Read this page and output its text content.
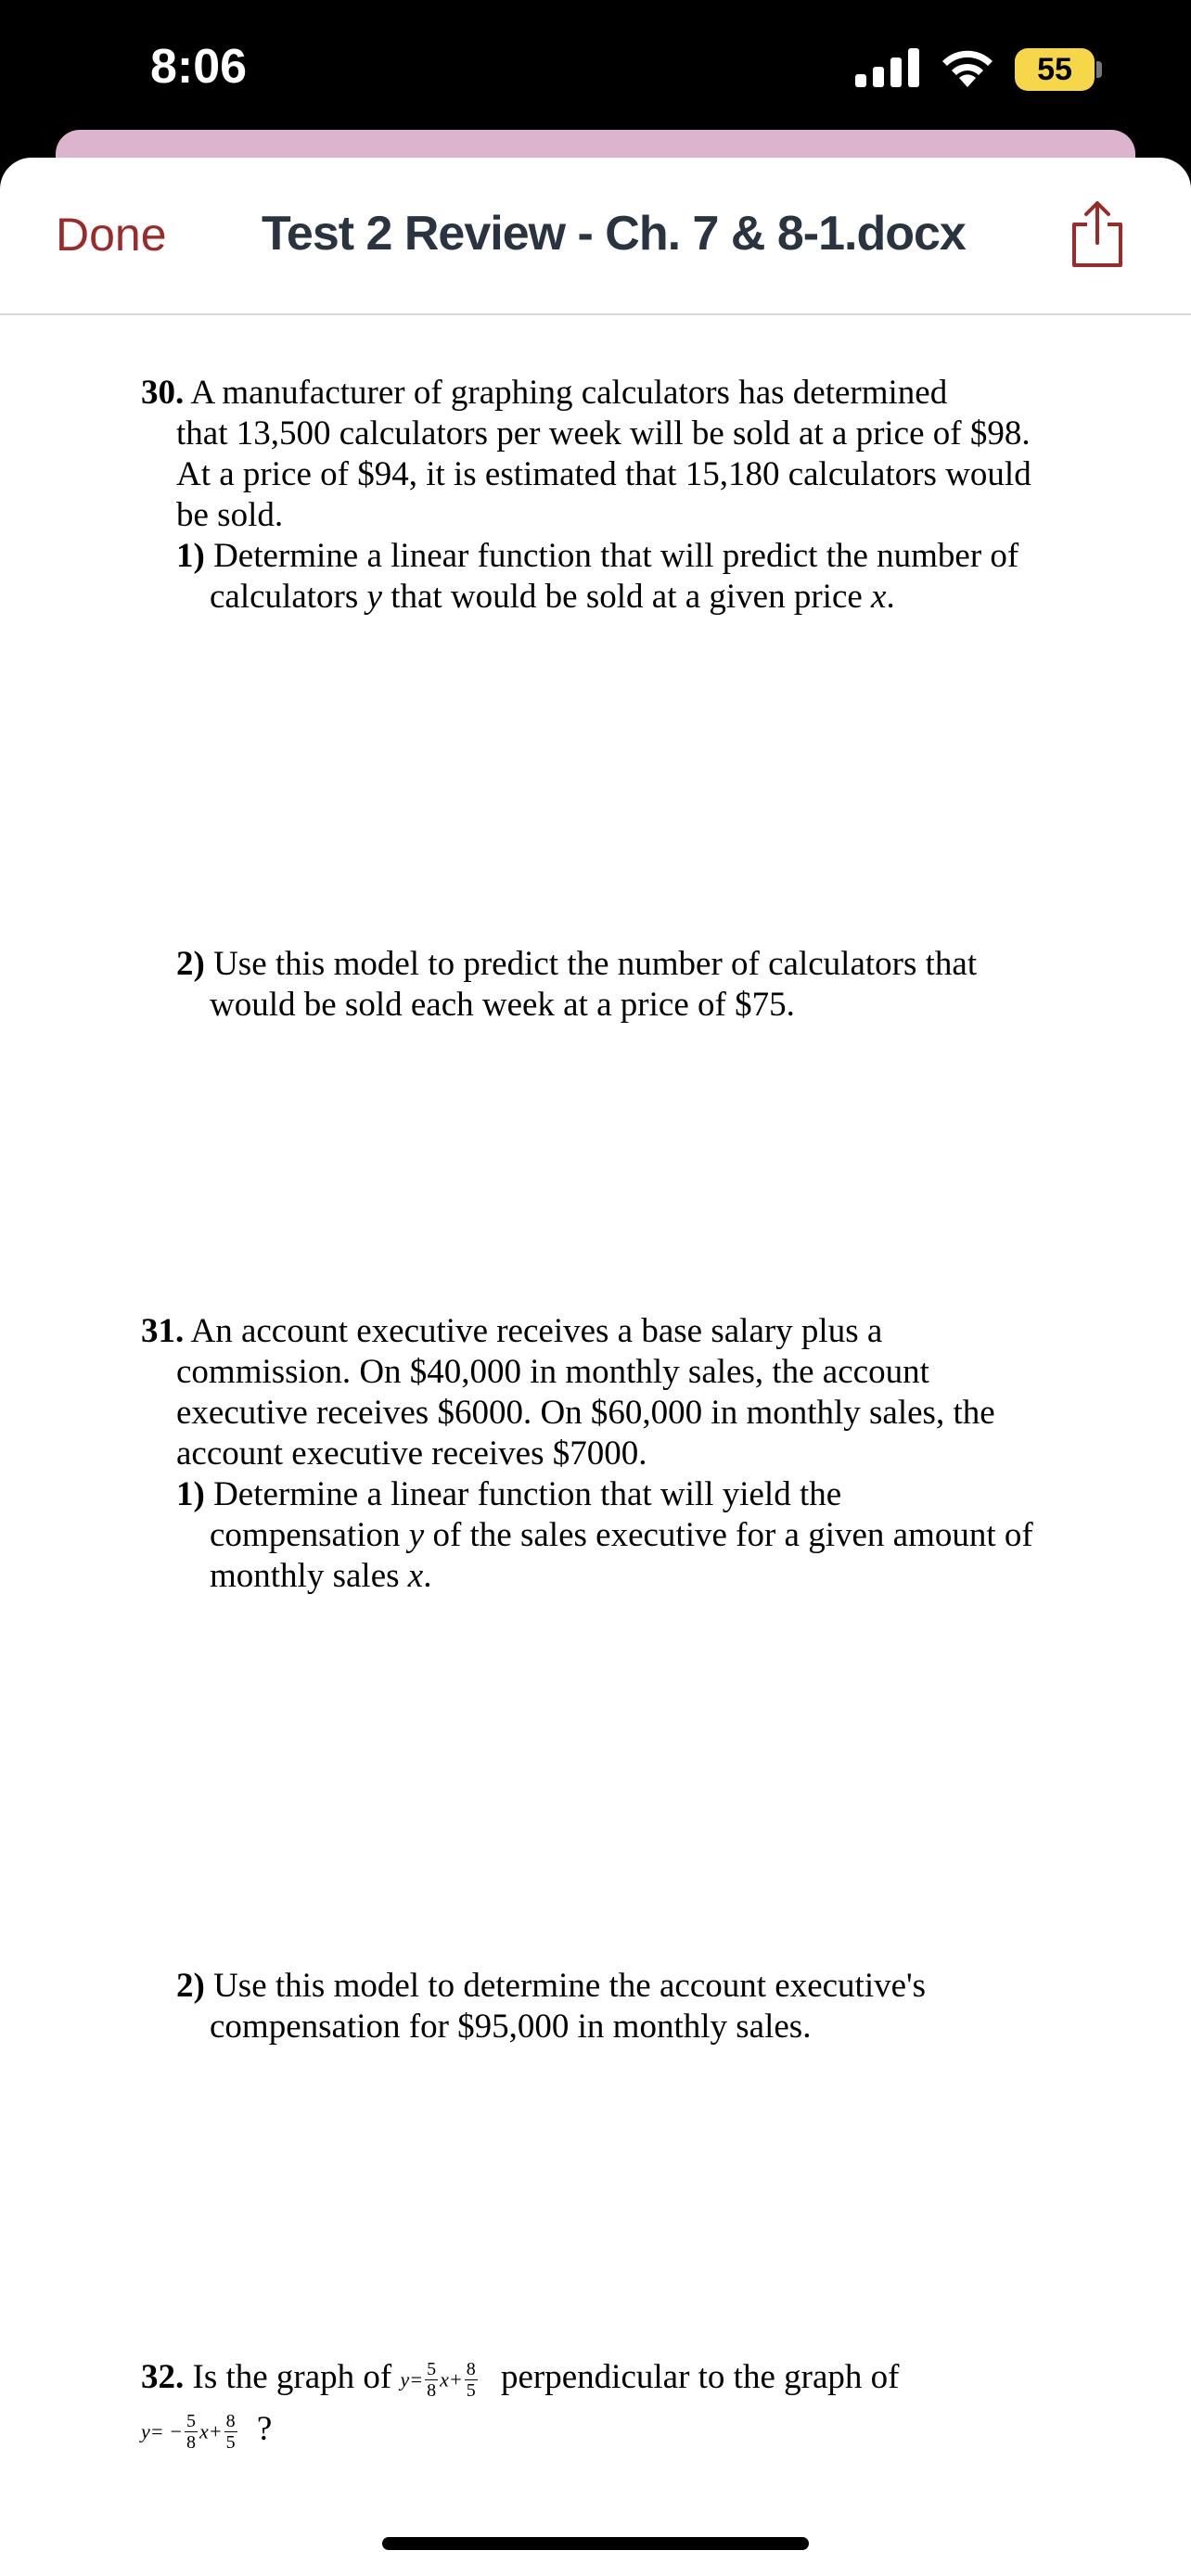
8:06	55
Done Test 2 Review - Ch. 7 & 8-1.docx
30. A manufacturer of graphing calculators has determined
that 13,500 calculators per week will be sold at a price of $98.
At a price of $94, it is estimated that 15,180 calculators would
be sold.
1) Determine a linear function that will predict the number of
calculators y that would be sold at a given price x.
2) Use this model to predict the number of calculators that
would be sold each week at a price of $75.
31. An account executive receives a base salary plus a
commission. On $40,000 in monthly sales, the account
executive receives $6000. On $60,000 in monthly sales, the
account executive receives $7000.
1) Determine a linear function that will yield the
compensation y of the sales executive for a given amount of
monthly sales x.
2) Use this model to determine the account executive's
compensation for $95,000 in monthly sales.
32. Is the graph of $y= \frac{5}{8} x+ \frac{8}{5}$ perpendicular to the graph of
$y= - \frac{5}{8} x+ \frac{8}{5}$ ?
